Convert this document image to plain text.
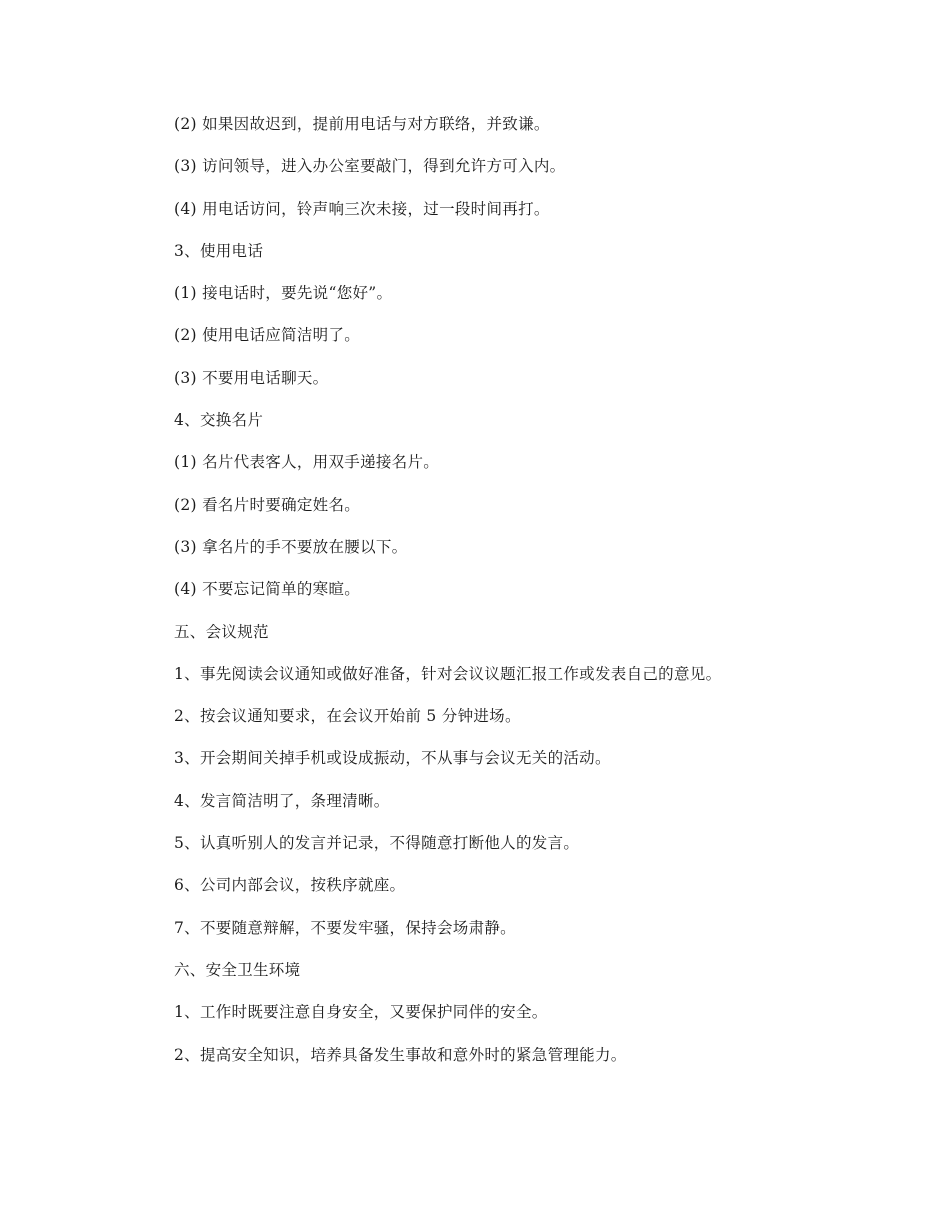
(2) 如果因故迟到，提前用电话与对方联络，并致谦。
(3) 访问领导，进入办公室要敲门，得到允许方可入内。
(4) 用电话访问，铃声响三次未接，过一段时间再打。
3、使用电话
(1) 接电话时，要先说“您好”。
(2) 使用电话应简洁明了。
(3) 不要用电话聊天。
4、交换名片
(1) 名片代表客人，用双手递接名片。
(2) 看名片时要确定姓名。
(3) 拿名片的手不要放在腰以下。
(4) 不要忘记简单的寒暄。
五、会议规范
1、事先阅读会议通知或做好准备，针对会议议题汇报工作或发表自己的意见。
2、按会议通知要求，在会议开始前 5 分钟进场。
3、开会期间关掉手机或设成振动，不从事与会议无关的活动。
4、发言简洁明了，条理清晰。
5、认真听别人的发言并记录，不得随意打断他人的发言。
6、公司内部会议，按秩序就座。
7、不要随意辩解，不要发牢骚，保持会场肃静。
六、安全卫生环境
1、工作时既要注意自身安全，又要保护同伴的安全。
2、提高安全知识，培养具备发生事故和意外时的紧急管理能力。
